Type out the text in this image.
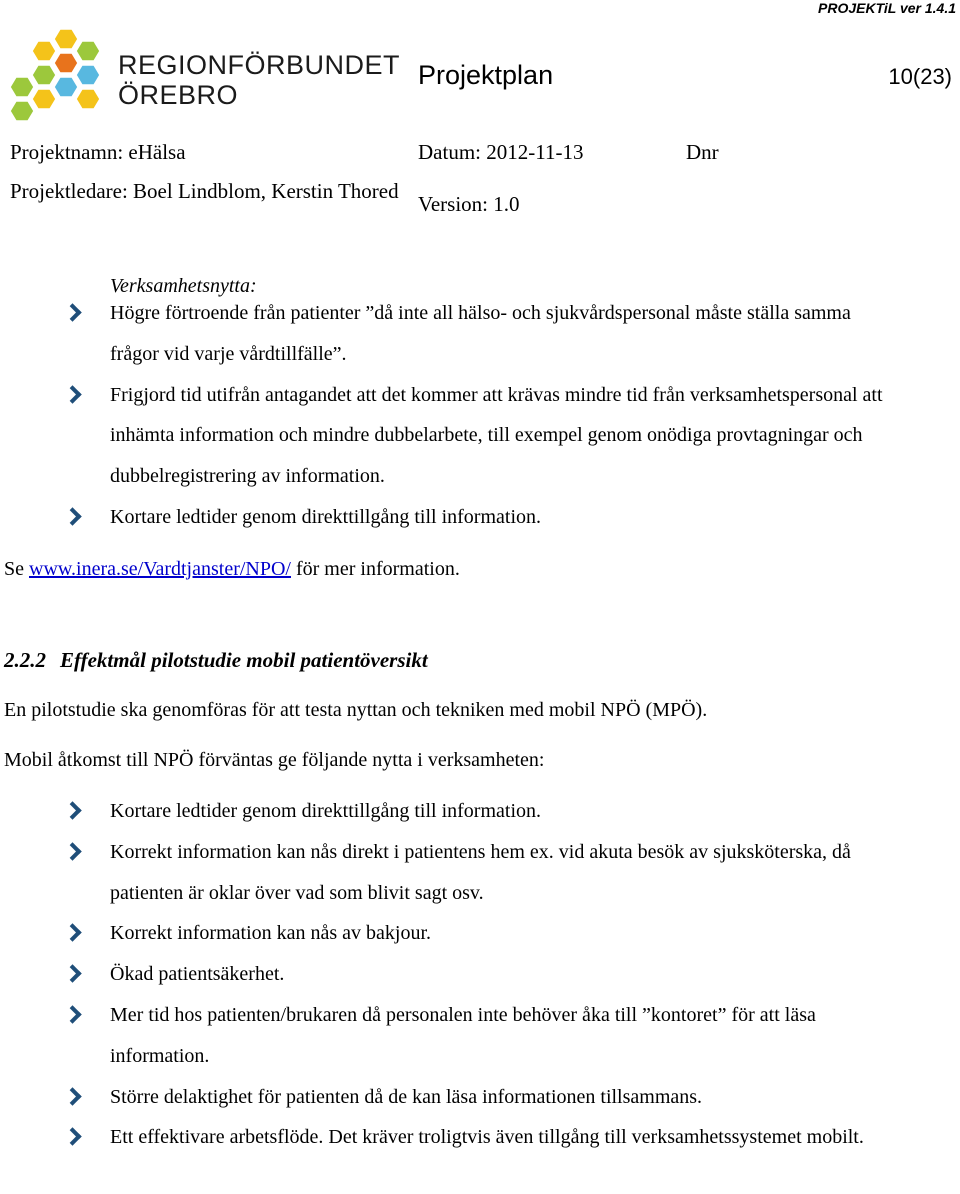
PROJEKTiL ver 1.4.1
REGIONFÖRBUNDET
ÖREBRO
Projektplan	10(23)
Projektnamn: eHälsa	Datum: 2012-11-13	Dnr
Projektledare: Boel Lindblom, Kerstin Thored
Version: 1.0
Verksamhetsnytta:
Högre förtroende från patienter ”då inte all hälso- och sjukvårdspersonal måste ställa samma frågor vid varje vårdtillfälle”.
Frigjord tid utifrån antagandet att det kommer att krävas mindre tid från verksamhetspersonal att inhämta information och mindre dubbelarbete, till exempel genom onödiga provtagningar och dubbelregistrering av information.
Kortare ledtider genom direkttillgång till information.
Se www.inera.se/Vardtjanster/NPO/ för mer information.
2.2.2 Effektmål pilotstudie mobil patientöversikt
En pilotstudie ska genomföras för att testa nyttan och tekniken med mobil NPÖ (MPÖ).
Mobil åtkomst till NPÖ förväntas ge följande nytta i verksamheten:
Kortare ledtider genom direkttillgång till information.
Korrekt information kan nås direkt i patientens hem ex. vid akuta besök av sjuksköterska, då patienten är oklar över vad som blivit sagt osv.
Korrekt information kan nås av bakjour.
Ökad patientsäkerhet.
Mer tid hos patienten/brukaren då personalen inte behöver åka till ”kontoret” för att läsa information.
Större delaktighet för patienten då de kan läsa informationen tillsammans.
Ett effektivare arbetsflöde. Det kräver troligtvis även tillgång till verksamhetssystemet mobilt.
